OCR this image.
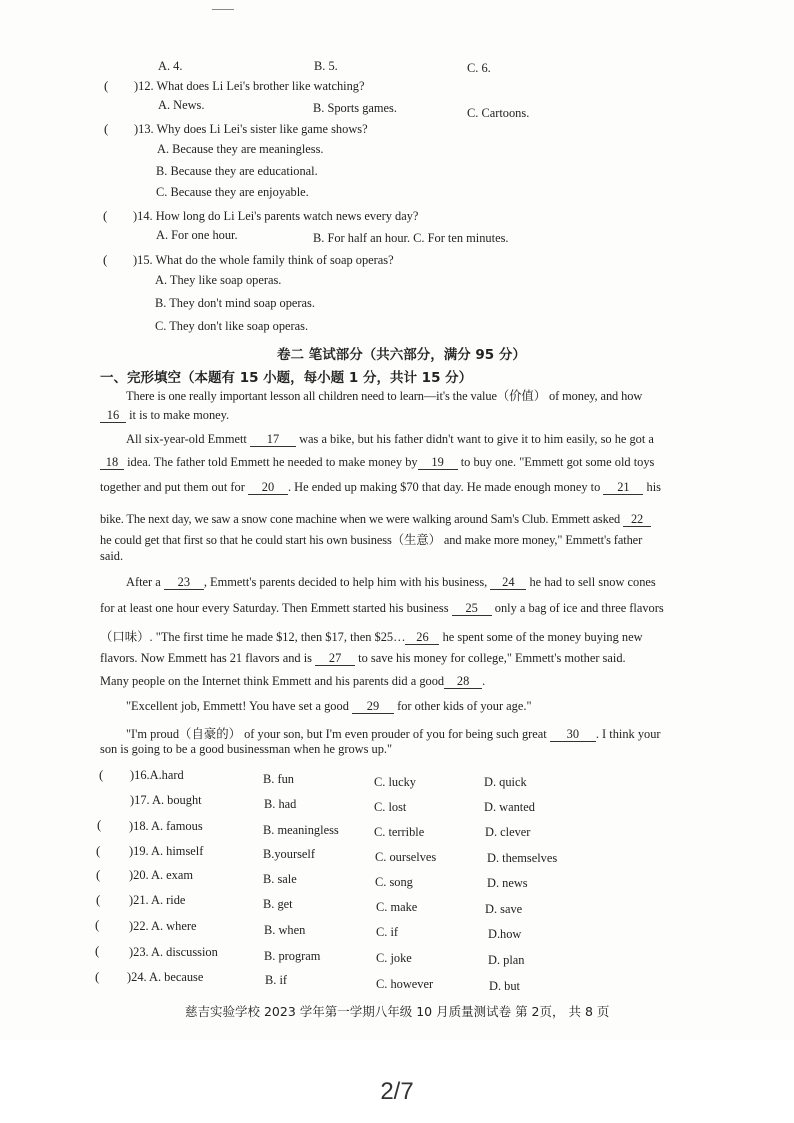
A. 4.	B. 5.	C. 6.
( )12. What does Li Lei's brother like watching?
A. News.	B. Sports games.	C. Cartoons.
( )13. Why does Li Lei's sister like game shows?
A. Because they are meaningless.
B. Because they are educational.
C. Because they are enjoyable.
( )14. How long do Li Lei's parents watch news every day?
A. For one hour.	B. For half an hour. C. For ten minutes.
( )15. What do the whole family think of soap operas?
A. They like soap operas.
B. They don't mind soap operas.
C. They don't like soap operas.
卷二 笔试部分（共六部分，满分 95 分）
一、完形填空（本题有 15 小题，每小题 1 分，共计 15 分）
There is one really important lesson all children need to learn—it's the value（价值） of money, and how
16 it is to make money.
All six-year-old Emmett 17 was a bike, but his father didn't want to give it to him easily, so he got a
18 idea. The father told Emmett he needed to make money by 19 to buy one. "Emmett got some old toys
together and put them out for 20 . He ended up making $70 that day. He made enough money to 21 his
bike. The next day, we saw a snow cone machine when we were walking around Sam's Club. Emmett asked 22
he could get that first so that he could start his own business（生意） and make more money," Emmett's father
said.
After a 23 , Emmett's parents decided to help him with his business, 24 he had to sell snow cones
for at least one hour every Saturday. Then Emmett started his business 25 only a bag of ice and three flavors
（口味）. "The first time he made $12, then $17, then $25… 26 he spent some of the money buying new
flavors. Now Emmett has 21 flavors and is 27 to save his money for college," Emmett's mother said.
Many people on the Internet think Emmett and his parents did a good 28 .
"Excellent job, Emmett! You have set a good 29 for other kids of your age."
"I'm proud（自豪的） of your son, but I'm even prouder of you for being such great 30 . I think your
son is going to be a good businessman when he grows up."
( )16.A.hard	B. fun	C. lucky	D. quick
)17. A. bought	B. had	C. lost	D. wanted
( )18. A. famous	B. meaningless	C. terrible	D. clever
( )19. A. himself	B.yourself	C. ourselves	D. themselves
( )20. A. exam	B. sale	C. song	D. news
( )21. A. ride	B. get	C. make	D. save
( )22. A. where	B. when	C. if	D.how
( )23. A. discussion	B. program	C. joke	D. plan
( )24. A. because	B. if	C. however	D. but
慈吉实验学校 2023 学年第一学期八年级 10 月质量测试卷 第 2页， 共 8 页
2/7
